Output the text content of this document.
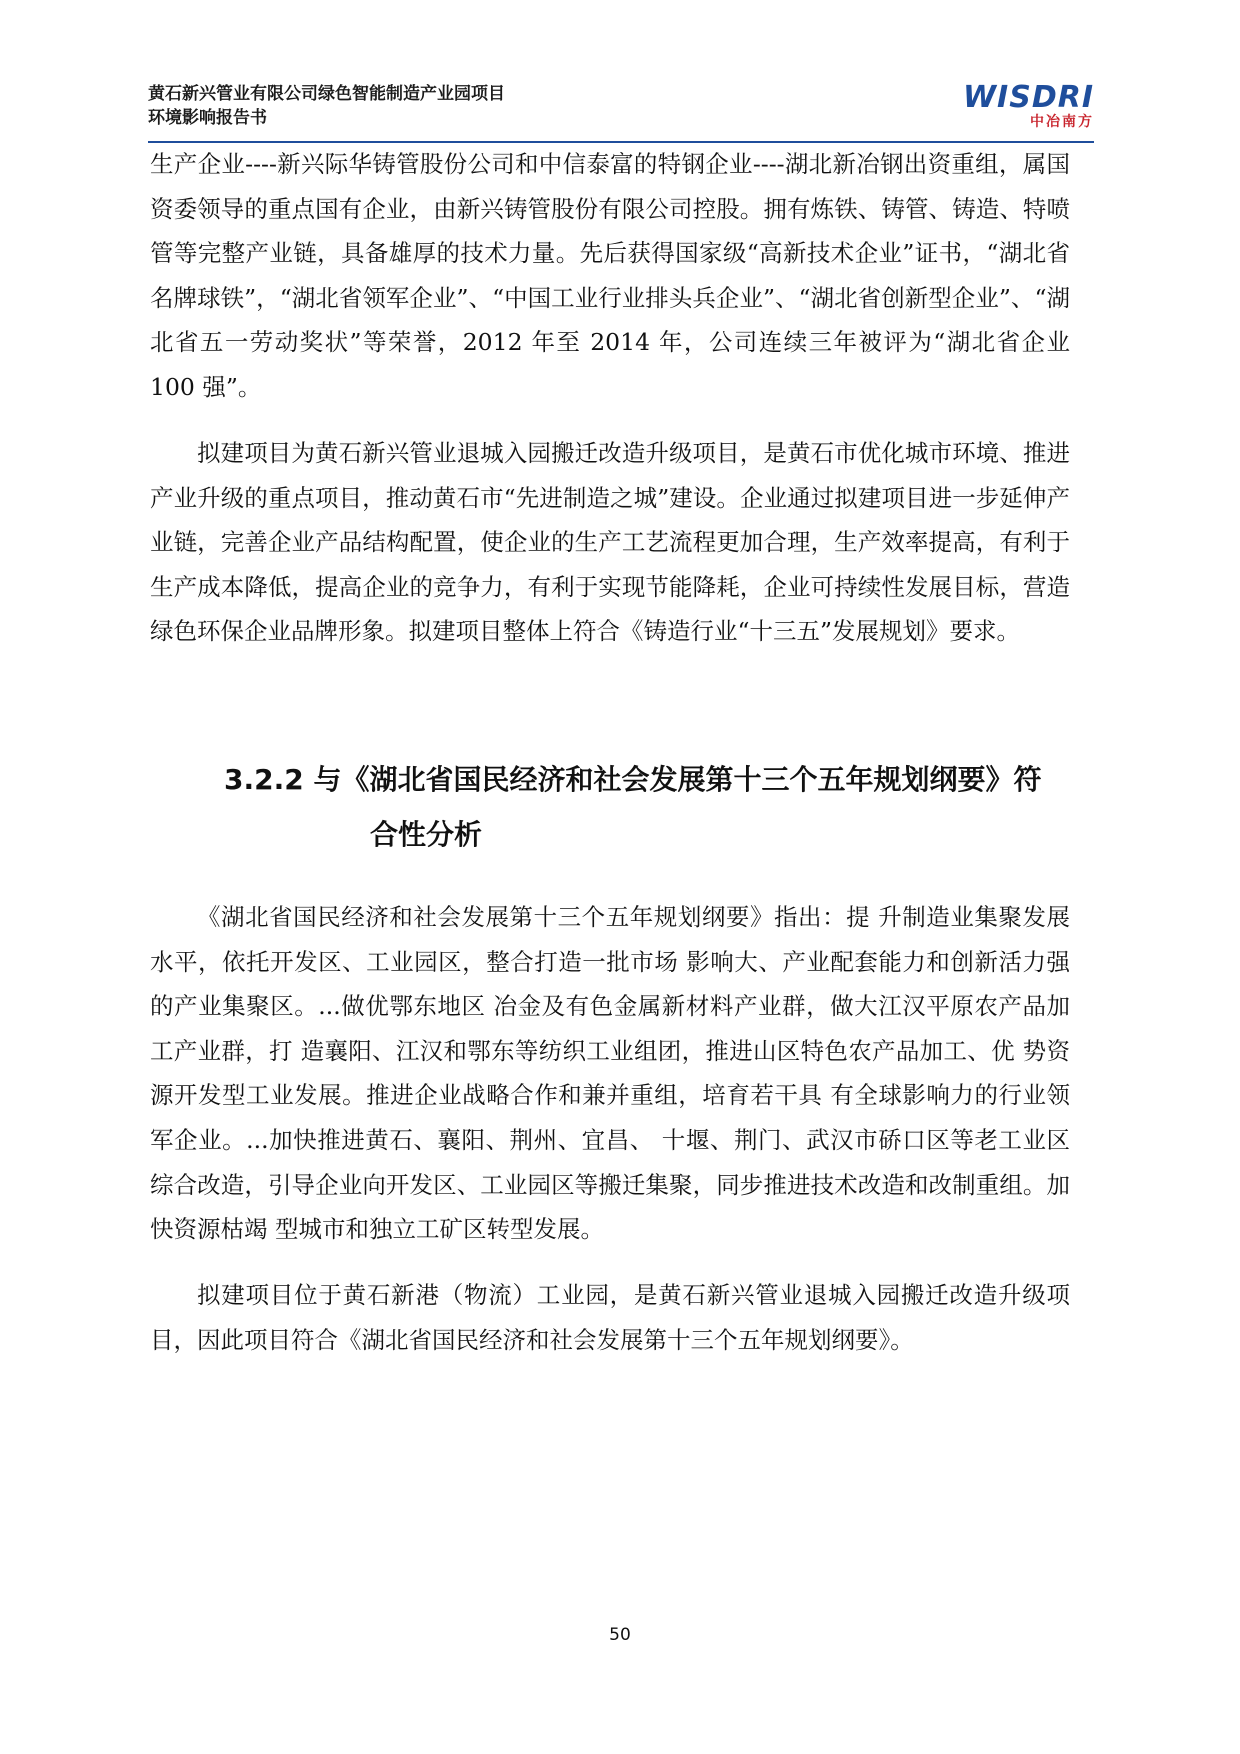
黄石新兴管业有限公司绿色智能制造产业园项目
环境影响报告书
WISDRI
中冶南方

生产企业----新兴际华铸管股份公司和中信泰富的特钢企业----湖北新冶钢出资重组，属国资委领导的重点国有企业，由新兴铸管股份有限公司控股。拥有炼铁、铸管、铸造、特喷管等完整产业链，具备雄厚的技术力量。先后获得国家级“高新技术企业”证书，“湖北省名牌球铁”，“湖北省领军企业”、“中国工业行业排头兵企业”、“湖北省创新型企业”、“湖北省五一劳动奖状”等荣誉，2012 年至 2014 年，公司连续三年被评为“湖北省企业 100 强”。

拟建项目为黄石新兴管业退城入园搬迁改造升级项目，是黄石市优化城市环境、推进产业升级的重点项目，推动黄石市“先进制造之城”建设。企业通过拟建项目进一步延伸产业链，完善企业产品结构配置，使企业的生产工艺流程更加合理，生产效率提高，有利于生产成本降低，提高企业的竞争力，有利于实现节能降耗，企业可持续性发展目标，营造绿色环保企业品牌形象。拟建项目整体上符合《铸造行业“十三五”发展规划》要求。

3.2.2 与《湖北省国民经济和社会发展第十三个五年规划纲要》符
合性分析

《湖北省国民经济和社会发展第十三个五年规划纲要》指出：提 升制造业集聚发展水平，依托开发区、工业园区，整合打造一批市场 影响大、产业配套能力和创新活力强的产业集聚区。...做优鄂东地区 冶金及有色金属新材料产业群，做大江汉平原农产品加工产业群，打 造襄阳、江汉和鄂东等纺织工业组团，推进山区特色农产品加工、优 势资源开发型工业发展。推进企业战略合作和兼并重组，培育若干具 有全球影响力的行业领军企业。...加快推进黄石、襄阳、荆州、宜昌、 十堰、荆门、武汉市硚口区等老工业区综合改造，引导企业向开发区、工业园区等搬迁集聚，同步推进技术改造和改制重组。加快资源枯竭 型城市和独立工矿区转型发展。

拟建项目位于黄石新港（物流）工业园，是黄石新兴管业退城入园搬迁改造升级项目，因此项目符合《湖北省国民经济和社会发展第十三个五年规划纲要》。

50
